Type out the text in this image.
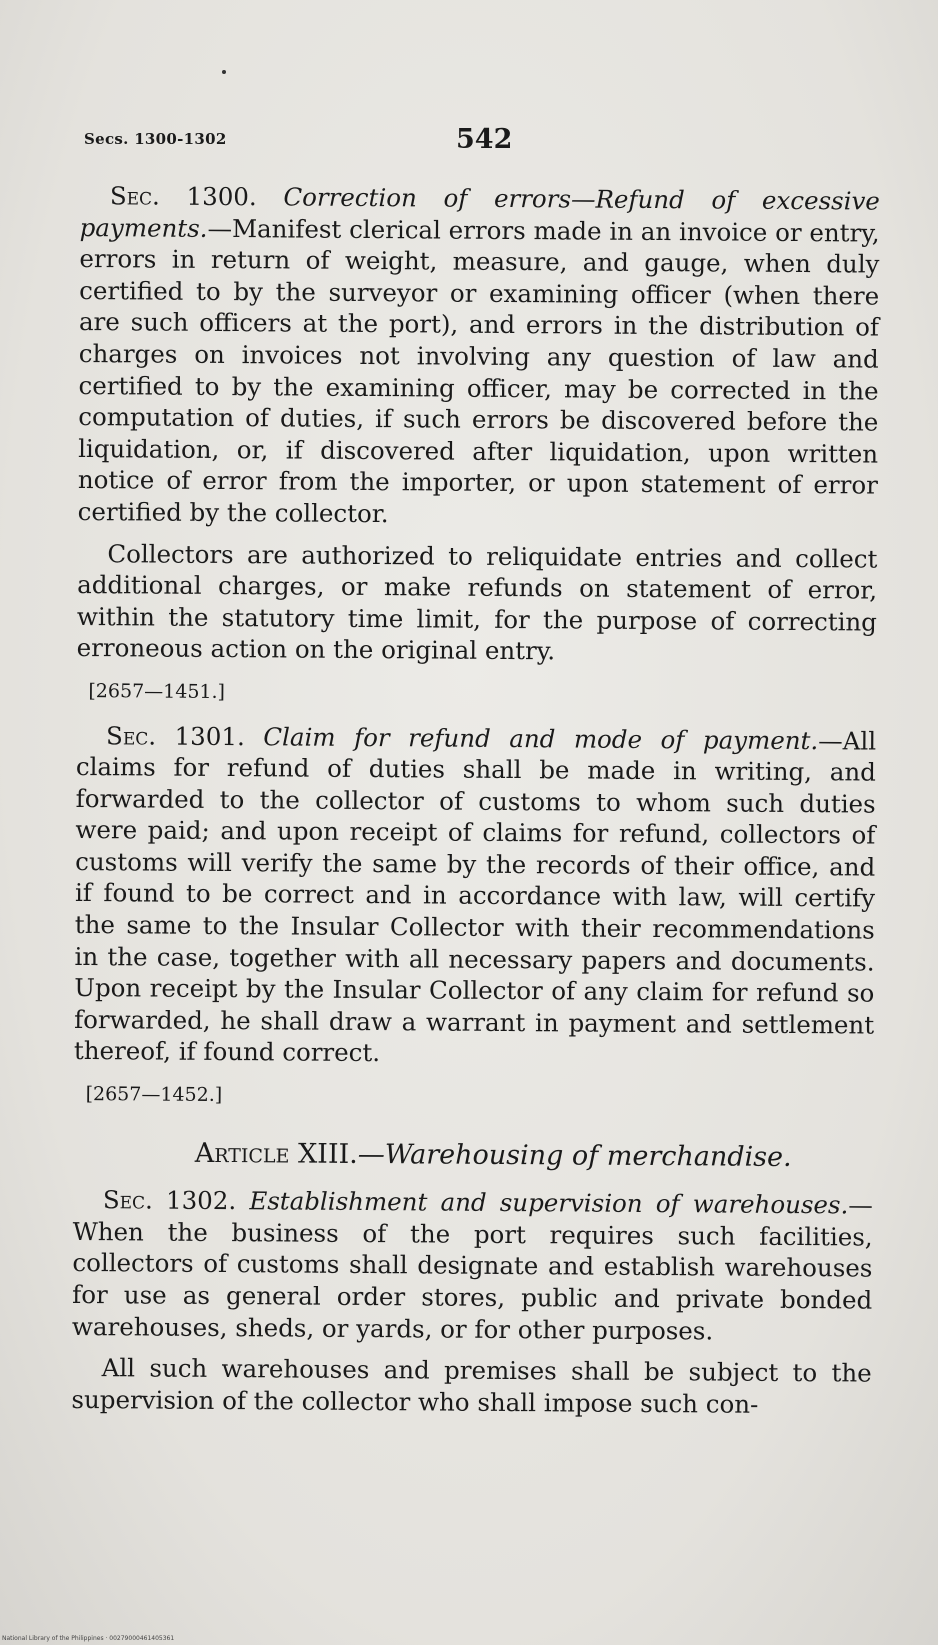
Secs. 1300-1302	542

Sec. 1300. Correction of errors—Refund of excessive payments.—Manifest clerical errors made in an invoice or entry, errors in return of weight, measure, and gauge, when duly certified to by the surveyor or examining officer (when there are such officers at the port), and errors in the distribution of charges on invoices not involving any question of law and certified to by the examining officer, may be corrected in the computation of duties, if such errors be discovered before the liquidation, or, if discovered after liquidation, upon written notice of error from the importer, or upon statement of error certified by the collector.

Collectors are authorized to reliquidate entries and collect additional charges, or make refunds on statement of error, within the statutory time limit, for the purpose of correcting erroneous action on the original entry.

[2657—1451.]

Sec. 1301. Claim for refund and mode of payment.—All claims for refund of duties shall be made in writing, and forwarded to the collector of customs to whom such duties were paid; and upon receipt of claims for refund, collectors of customs will verify the same by the records of their office, and if found to be correct and in accordance with law, will certify the same to the Insular Collector with their recommendations in the case, together with all necessary papers and documents. Upon receipt by the Insular Collector of any claim for refund so forwarded, he shall draw a warrant in payment and settlement thereof, if found correct.

[2657—1452.]

Article XIII.—Warehousing of merchandise.

Sec. 1302. Establishment and supervision of warehouses.—When the business of the port requires such facilities, collectors of customs shall designate and establish warehouses for use as general order stores, public and private bonded warehouses, sheds, or yards, or for other purposes.

All such warehouses and premises shall be subject to the supervision of the collector who shall impose such con-

National Library of the Philippines · 00279000461405361
